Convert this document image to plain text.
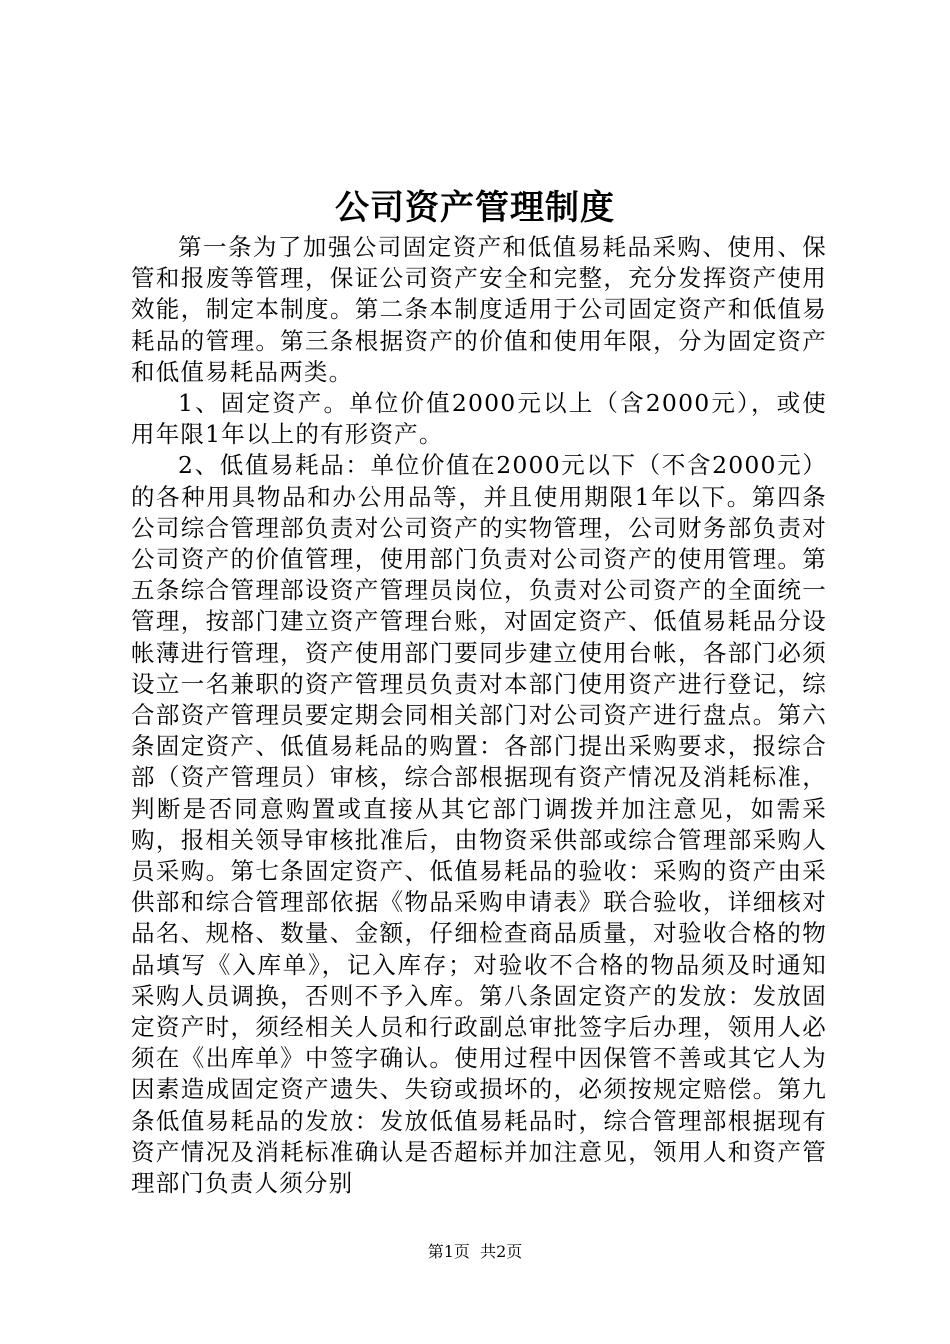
公司资产管理制度

第一条为了加强公司固定资产和低值易耗品采购、使用、保管和报废等管理，保证公司资产安全和完整，充分发挥资产使用效能，制定本制度。第二条本制度适用于公司固定资产和低值易耗品的管理。第三条根据资产的价值和使用年限，分为固定资产和低值易耗品两类。

1、固定资产。单位价值2000元以上（含2000元），或使用年限1年以上的有形资产。

2、低值易耗品：单位价值在2000元以下（不含2000元）的各种用具物品和办公用品等，并且使用期限1年以下。第四条公司综合管理部负责对公司资产的实物管理，公司财务部负责对公司资产的价值管理，使用部门负责对公司资产的使用管理。第五条综合管理部设资产管理员岗位，负责对公司资产的全面统一管理，按部门建立资产管理台账，对固定资产、低值易耗品分设帐薄进行管理，资产使用部门要同步建立使用台帐，各部门必须设立一名兼职的资产管理员负责对本部门使用资产进行登记，综合部资产管理员要定期会同相关部门对公司资产进行盘点。第六条固定资产、低值易耗品的购置：各部门提出采购要求，报综合部（资产管理员）审核，综合部根据现有资产情况及消耗标准，判断是否同意购置或直接从其它部门调拨并加注意见，如需采购，报相关领导审核批准后，由物资采供部或综合管理部采购人员采购。第七条固定资产、低值易耗品的验收：采购的资产由采供部和综合管理部依据《物品采购申请表》联合验收，详细核对品名、规格、数量、金额，仔细检查商品质量，对验收合格的物品填写《入库单》，记入库存；对验收不合格的物品须及时通知采购人员调换，否则不予入库。第八条固定资产的发放：发放固定资产时，须经相关人员和行政副总审批签字后办理，领用人必须在《出库单》中签字确认。使用过程中因保管不善或其它人为因素造成固定资产遗失、失窃或损坏的，必须按规定赔偿。第九条低值易耗品的发放：发放低值易耗品时，综合管理部根据现有资产情况及消耗标准确认是否超标并加注意见，领用人和资产管理部门负责人须分别

第1页  共2页
